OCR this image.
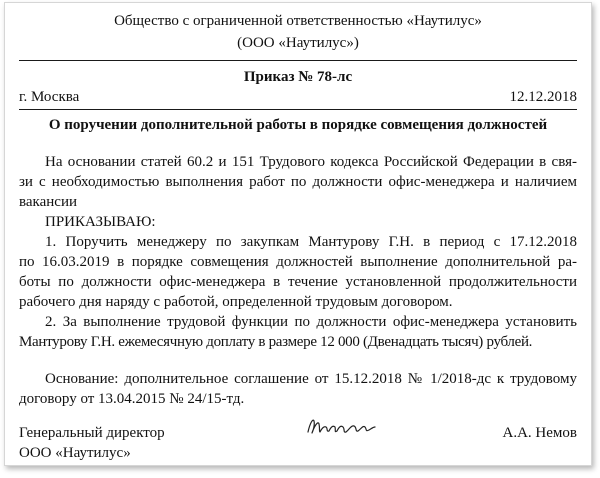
Общество с ограниченной ответственностью «Наутилус»
(ООО «Наутилус»)
Приказ № 78-лс
г. Москва	12.12.2018
О поручении дополнительной работы в порядке совмещения должностей
На основании статей 60.2 и 151 Трудового кодекса Российской Федерации в свя-
зи с необходимостью выполнения работ по должности офис-менеджера и наличием
вакансии
ПРИКАЗЫВАЮ:
1. Поручить менеджеру по закупкам Мантурову Г.Н. в период с 17.12.2018
по 16.03.2019 в порядке совмещения должностей выполнение дополнительной ра-
боты по должности офис-менеджера в течение установленной продолжительности
рабочего дня наряду с работой, определенной трудовым договором.
2. За выполнение трудовой функции по должности офис-менеджера установить
Мантурову Г.Н. ежемесячную доплату в размере 12 000 (Двенадцать тысяч) рублей.
Основание: дополнительное соглашение от 15.12.2018 № 1/2018-дс к трудовому
договору от 13.04.2015 № 24/15-тд.
Генеральный директор
ООО «Наутилус»
А.А. Немов
